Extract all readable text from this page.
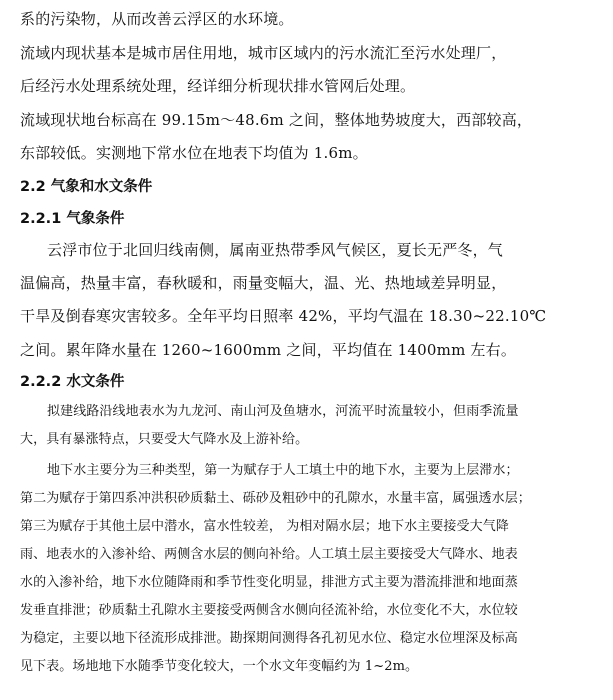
系的污染物，从而改善云浮区的水环境。
流域内现状基本是城市居住用地，城市区域内的污水流汇至污水处理厂，
后经污水处理系统处理，经详细分析现状排水管网后处理。
流域现状地台标高在 99.15m～48.6m 之间，整体地势坡度大，西部较高，
东部较低。实测地下常水位在地表下均值为 1.6m。
2.2 气象和水文条件
2.2.1 气象条件
云浮市位于北回归线南侧，属南亚热带季风气候区，夏长无严冬，气
温偏高，热量丰富，春秋暖和，雨量变幅大，温、光、热地域差异明显，
干旱及倒春寒灾害较多。全年平均日照率 42%，平均气温在 18.30~22.10℃
之间。累年降水量在 1260~1600mm 之间，平均值在 1400mm 左右。
2.2.2 水文条件
拟建线路沿线地表水为九龙河、南山河及鱼塘水，河流平时流量较小，但雨季流量
大，具有暴涨特点，只要受大气降水及上游补给。
地下水主要分为三种类型，第一为赋存于人工填土中的地下水，主要为上层滞水；
第二为赋存于第四系冲洪积砂质黏土、砾砂及粗砂中的孔隙水，水量丰富，属强透水层；
第三为赋存于其他土层中潜水，富水性较差， 为相对隔水层；地下水主要接受大气降
雨、地表水的入渗补给、两侧含水层的侧向补给。人工填土层主要接受大气降水、地表
水的入渗补给，地下水位随降雨和季节性变化明显，排泄方式主要为潜流排泄和地面蒸
发垂直排泄；砂质黏土孔隙水主要接受两侧含水侧向径流补给，水位变化不大，水位较
为稳定，主要以地下径流形成排泄。勘探期间测得各孔初见水位、稳定水位埋深及标高
见下表。场地地下水随季节变化较大，一个水文年变幅约为 1~2m。
